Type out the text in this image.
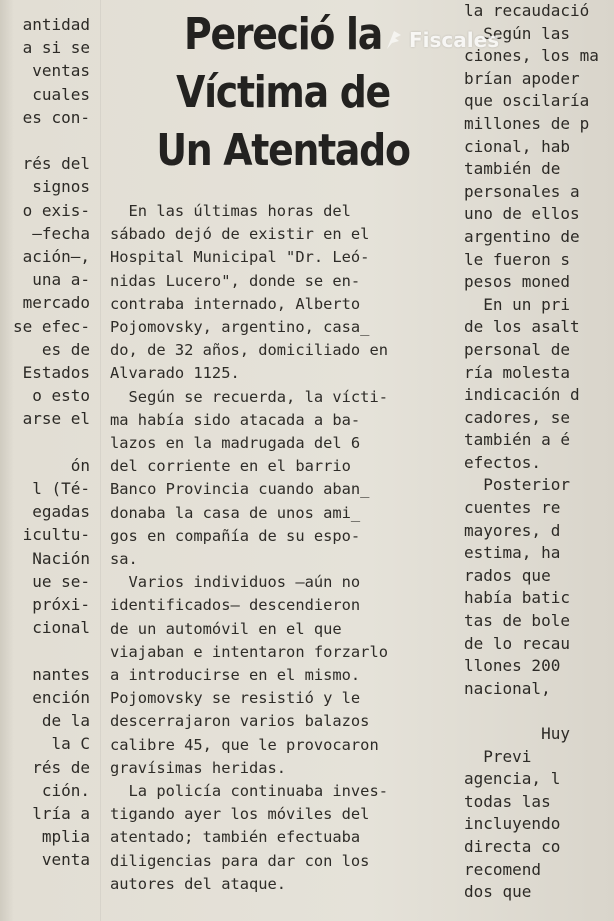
antidad
a si se
ventas
cuales
es con-

rés del
signos
o exis-
—fecha
ación—,
una a-
mercado
se efec-
es de
Estados
o esto
arse el

ón
l (Té-
egadas
icultu-
Nación
ue se-
próxi-
cional

nantes
ención
de la
la C
rés de
ción.
lría a
mplia
venta
Pereció la
Víctima de
Un Atentado
En las últimas horas del
sábado dejó de existir en el
Hospital Municipal "Dr. Leó-
nidas Lucero", donde se en-
contraba internado, Alberto
Pojomovsky, argentino, casa_
do, de 32 años, domiciliado en
Alvarado 1125.
Según se recuerda, la vícti-
ma había sido atacada a ba-
lazos en la madrugada del 6
del corriente en el barrio
Banco Provincia cuando aban_
donaba la casa de unos ami_
gos en compañía de su espo-
sa.
Varios individuos —aún no
identificados— descendieron
de un automóvil en el que
viajaban e intentaron forzarlo
a introducirse en el mismo.
Pojomovsky se resistió y le
descerrajaron varios balazos
calibre 45, que le provocaron
gravísimas heridas.
La policía continuaba inves-
tigando ayer los móviles del
atentado; también efectuaba
diligencias para dar con los
autores del ataque.
la recaudació
Según las
ciones, los ma
brían apoder
que oscilaría
millones de p
cional, hab
también de
personales a
uno de ellos
argentino de
le fueron s
pesos moned
En un pri
de los asalt
personal de
ría molesta
indicación d
cadores, se
también a é
efectos.
Posterior
cuentes re
mayores, d
estima, ha
rados que
había batic
tas de bole
de lo recau
llones 200
nacional,

Huy
Previ
agencia, l
todas las
incluyendo
directa co
recomend
dos que
Fiscales
